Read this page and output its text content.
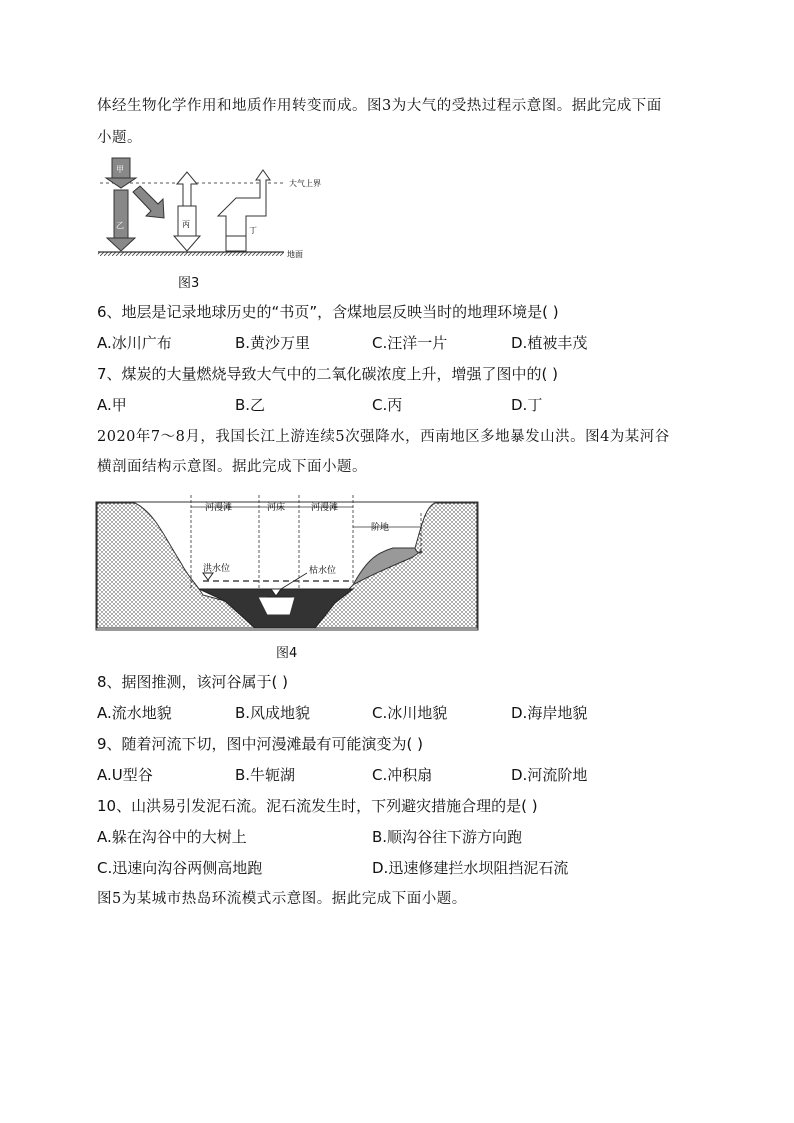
体经生物化学作用和地质作用转变而成。图3为大气的受热过程示意图。据此完成下面
小题。
大气上界
地面
甲
乙	丙
丁
图3
6、地层是记录地球历史的“书页”，含煤地层反映当时的地理环境是( )
A.冰川广布	B.黄沙万里	C.汪洋一片	D.植被丰茂
7、煤炭的大量燃烧导致大气中的二氧化碳浓度上升，增强了图中的( )
A.甲	B.乙	C.丙	D.丁
2020年7～8月，我国长江上游连续5次强降水，西南地区多地暴发山洪。图4为某河谷
横剖面结构示意图。据此完成下面小题。
洪水位	枯水位
河漫滩	河床	河漫滩
阶地
图4
8、据图推测，该河谷属于( )
A.流水地貌	B.风成地貌	C.冰川地貌	D.海岸地貌
9、随着河流下切，图中河漫滩最有可能演变为( )
A.U型谷	B.牛轭湖	C.冲积扇	D.河流阶地
10、山洪易引发泥石流。泥石流发生时，下列避灾措施合理的是( )
A.躲在沟谷中的大树上	B.顺沟谷往下游方向跑
C.迅速向沟谷两侧高地跑	D.迅速修建拦水坝阻挡泥石流
图5为某城市热岛环流模式示意图。据此完成下面小题。
